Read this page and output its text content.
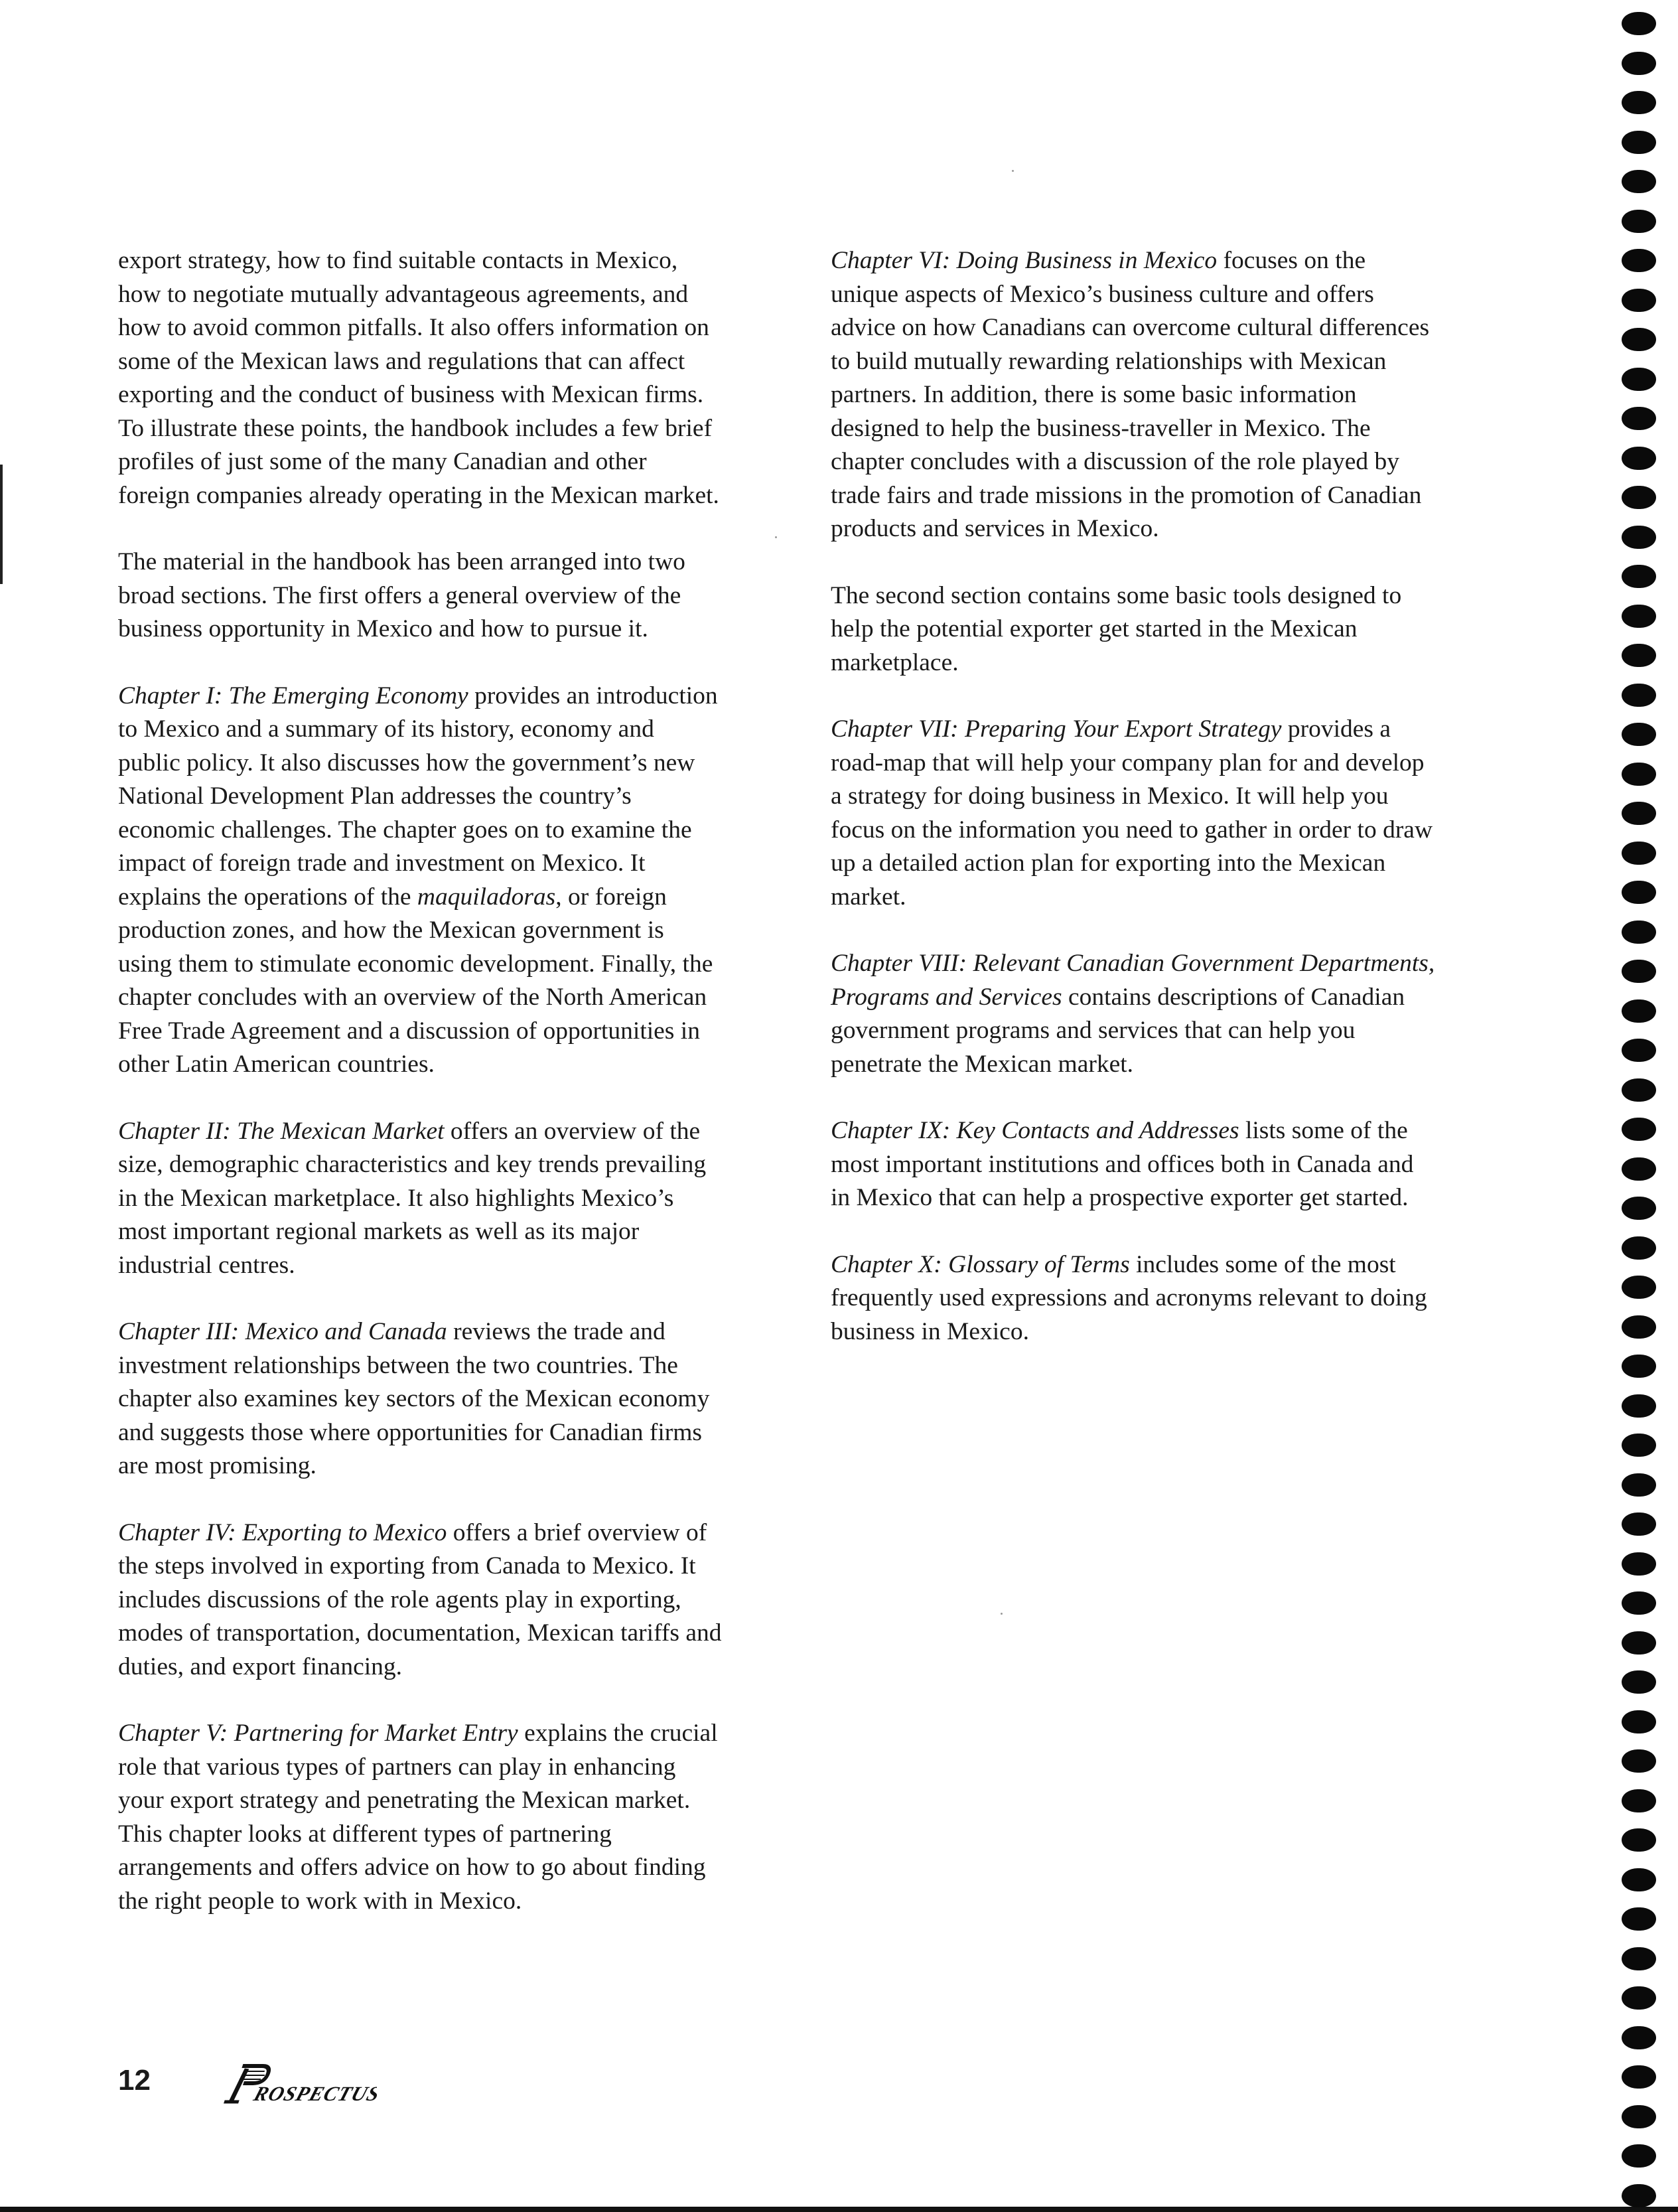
export strategy, how to find suitable contacts in Mexico,
how to negotiate mutually advantageous agreements, and
how to avoid common pitfalls. It also offers information on
some of the Mexican laws and regulations that can affect
exporting and the conduct of business with Mexican firms.
To illustrate these points, the handbook includes a few brief
profiles of just some of the many Canadian and other
foreign companies already operating in the Mexican market.

The material in the handbook has been arranged into two
broad sections. The first offers a general overview of the
business opportunity in Mexico and how to pursue it.

Chapter I: The Emerging Economy provides an introduction
to Mexico and a summary of its history, economy and
public policy. It also discusses how the government’s new
National Development Plan addresses the country’s
economic challenges. The chapter goes on to examine the
impact of foreign trade and investment on Mexico. It
explains the operations of the maquiladoras, or foreign
production zones, and how the Mexican government is
using them to stimulate economic development. Finally, the
chapter concludes with an overview of the North American
Free Trade Agreement and a discussion of opportunities in
other Latin American countries.

Chapter II: The Mexican Market offers an overview of the
size, demographic characteristics and key trends prevailing
in the Mexican marketplace. It also highlights Mexico’s
most important regional markets as well as its major
industrial centres.

Chapter III: Mexico and Canada reviews the trade and
investment relationships between the two countries. The
chapter also examines key sectors of the Mexican economy
and suggests those where opportunities for Canadian firms
are most promising.

Chapter IV: Exporting to Mexico offers a brief overview of
the steps involved in exporting from Canada to Mexico. It
includes discussions of the role agents play in exporting,
modes of transportation, documentation, Mexican tariffs and
duties, and export financing.

Chapter V: Partnering for Market Entry explains the crucial
role that various types of partners can play in enhancing
your export strategy and penetrating the Mexican market.
This chapter looks at different types of partnering
arrangements and offers advice on how to go about finding
the right people to work with in Mexico.

Chapter VI: Doing Business in Mexico focuses on the
unique aspects of Mexico’s business culture and offers
advice on how Canadians can overcome cultural differences
to build mutually rewarding relationships with Mexican
partners. In addition, there is some basic information
designed to help the business-traveller in Mexico. The
chapter concludes with a discussion of the role played by
trade fairs and trade missions in the promotion of Canadian
products and services in Mexico.

The second section contains some basic tools designed to
help the potential exporter get started in the Mexican
marketplace.

Chapter VII: Preparing Your Export Strategy provides a
road-map that will help your company plan for and develop
a strategy for doing business in Mexico. It will help you
focus on the information you need to gather in order to draw
up a detailed action plan for exporting into the Mexican
market.

Chapter VIII: Relevant Canadian Government Departments,
Programs and Services contains descriptions of Canadian
government programs and services that can help you
penetrate the Mexican market.

Chapter IX: Key Contacts and Addresses lists some of the
most important institutions and offices both in Canada and
in Mexico that can help a prospective exporter get started.

Chapter X: Glossary of Terms includes some of the most
frequently used expressions and acronyms relevant to doing
business in Mexico.

12	ROSPECTUS
